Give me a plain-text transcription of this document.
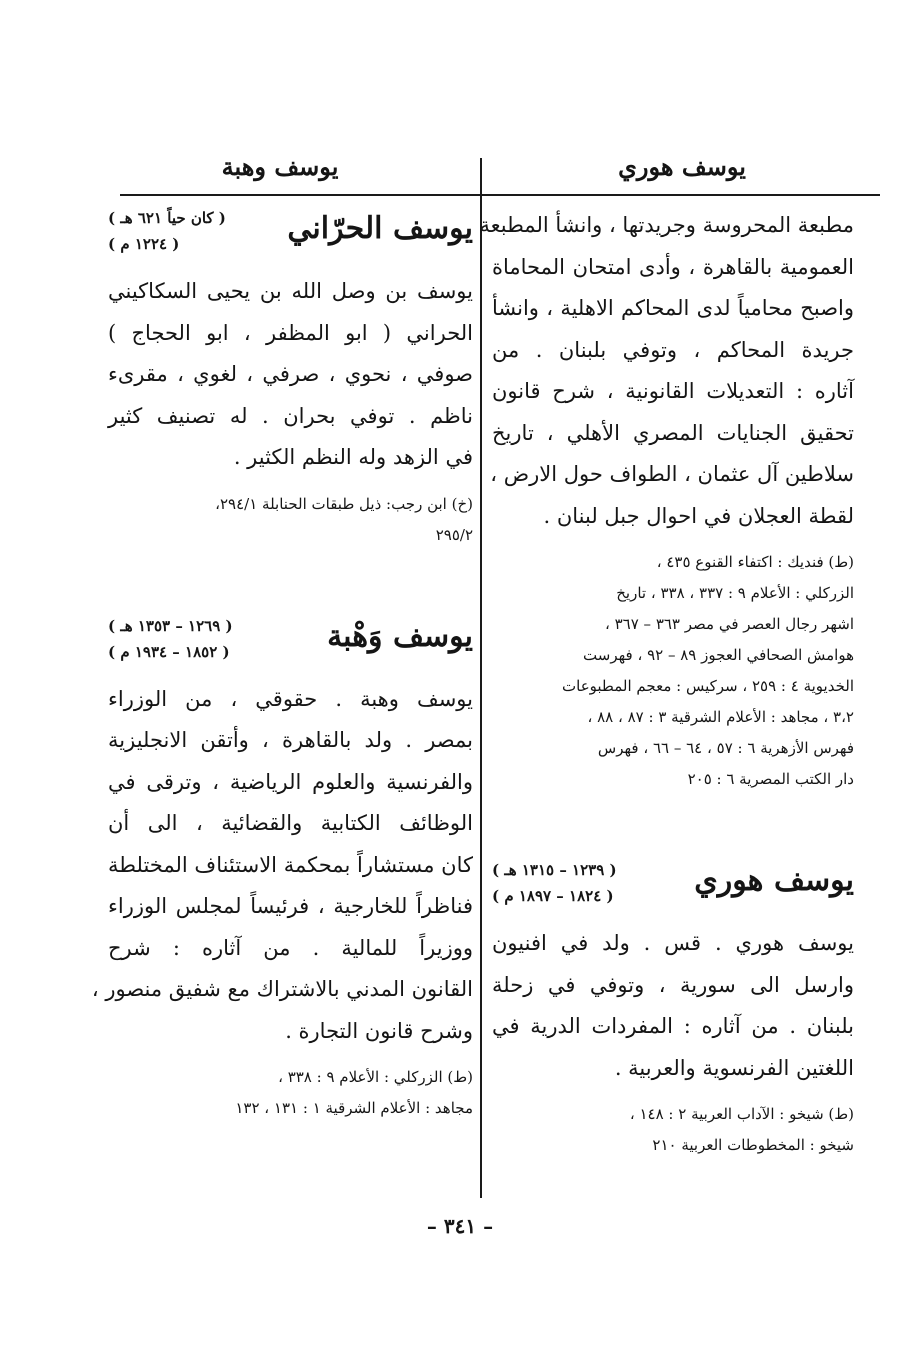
يوسف هوري
يوسف وهبة
مطبعة المحروسة وجريدتها ، وانشأ المطبعة
العمومية بالقاهرة ، وأدى امتحان المحاماة
واصبح محامياً لدى المحاكم الاهلية ، وانشأ
جريدة المحاكم ، وتوفي بلبنان . من
آثاره : التعديلات القانونية ، شرح قانون
تحقيق الجنايات المصري الأهلي ، تاريخ
سلاطين آل عثمان ، الطواف حول الارض ،
لقطة العجلان في احوال جبل لبنان .
(ط) فنديك : اكتفاء القنوع ٤٣٥ ،
الزركلي : الأعلام ٩ : ٣٣٧ ، ٣٣٨ ، تاريخ
اشهر رجال العصر في مصر ٣٦٣ – ٣٦٧ ،
هوامش الصحافي العجوز ٨٩ – ٩٢ ، فهرست
الخديوية ٤ : ٢٥٩ ، سركيس : معجم المطبوعات
٣،٢ ، مجاهد : الأعلام الشرقية ٣ : ٨٧ ، ٨٨ ،
فهرس الأزهرية ٦ : ٥٧ ، ٦٤ – ٦٦ ، فهرس
دار الكتب المصرية ٦ : ٢٠٥
يوسف هوري
( ١٢٣٩ – ١٣١٥ هـ )
( ١٨٢٤ – ١٨٩٧ م )
يوسف هوري . قس . ولد في افنيون
وارسل الى سورية ، وتوفي في زحلة
بلبنان . من آثاره : المفردات الدرية في
اللغتين الفرنسوية والعربية .
(ط) شيخو : الآداب العربية ٢ : ١٤٨ ،
شيخو : المخطوطات العربية ٢١٠
يوسف الحرّاني
( كان حياً ٦٢١ هـ )
( ١٢٢٤ م )
يوسف بن وصل الله بن يحيى السكاكيني
الحراني ( ابو المظفر ، ابو الحجاج )
صوفي ، نحوي ، صرفي ، لغوي ، مقرىء
ناظم . توفي بحران . له تصنيف كثير
في الزهد وله النظم الكثير .
(خ) ابن رجب: ذيل طبقات الحنابلة ٢٩٤/١،
٢٩٥/٢
يوسف وَهْبة
( ١٢٦٩ – ١٣٥٣ هـ )
( ١٨٥٢ – ١٩٣٤ م )
يوسف وهبة . حقوقي ، من الوزراء
بمصر . ولد بالقاهرة ، وأتقن الانجليزية
والفرنسية والعلوم الرياضية ، وترقى في
الوظائف الكتابية والقضائية ، الى أن
كان مستشاراً بمحكمة الاستئناف المختلطة
فناظراً للخارجية ، فرئيساً لمجلس الوزراء
ووزيراً للمالية . من آثاره : شرح
القانون المدني بالاشتراك مع شفيق منصور ،
وشرح قانون التجارة .
(ط) الزركلي : الأعلام ٩ : ٣٣٨ ،
مجاهد : الأعلام الشرقية ١ : ١٣١ ، ١٣٢
– ٣٤١ –
